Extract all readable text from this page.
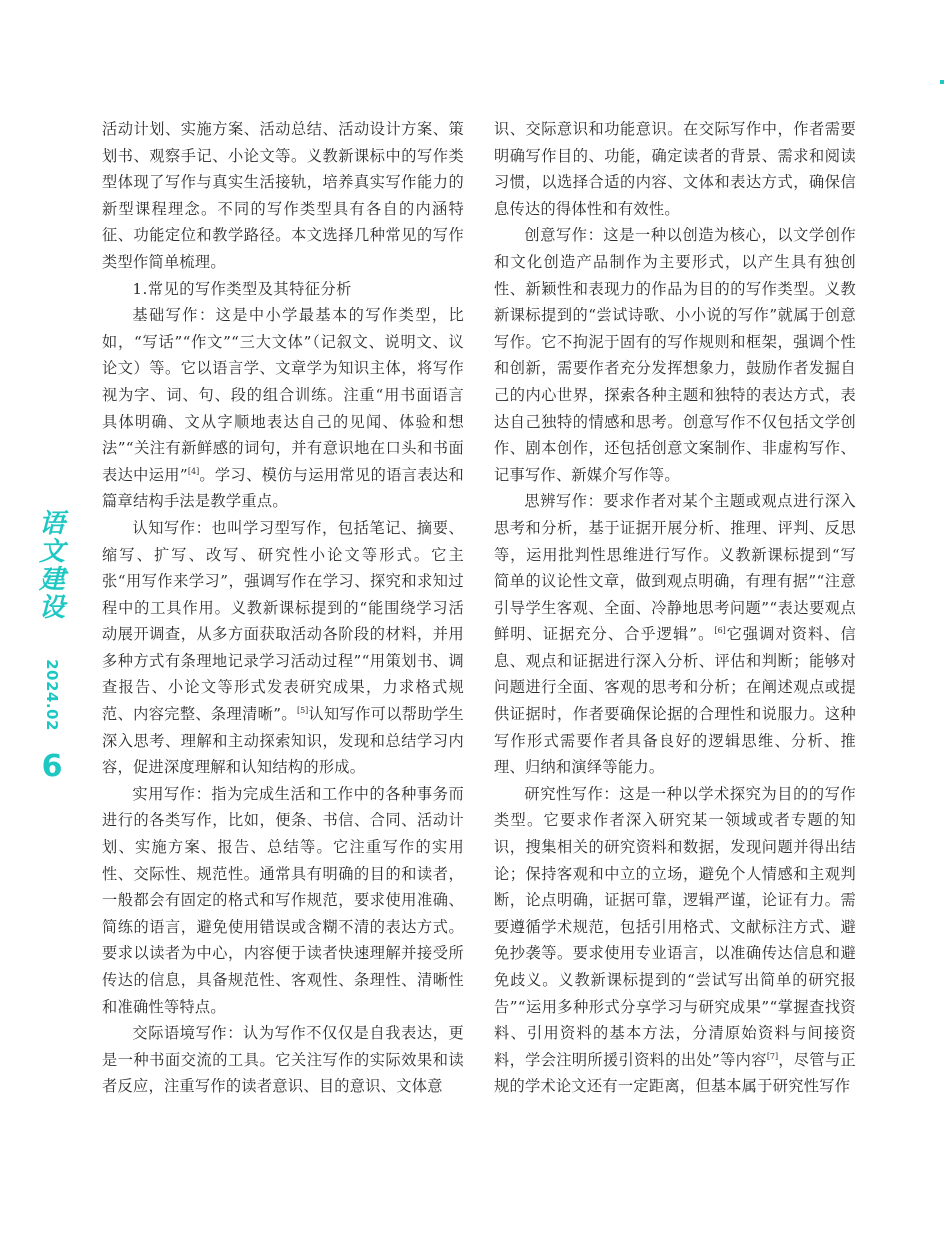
语文建设
2024.02
6

活动计划、实施方案、活动总结、活动设计方案、策划书、观察手记、小论文等。义教新课标中的写作类型体现了写作与真实生活接轨，培养真实写作能力的新型课程理念。不同的写作类型具有各自的内涵特征、功能定位和教学路径。本文选择几种常见的写作类型作简单梳理。

1.常见的写作类型及其特征分析

基础写作：这是中小学最基本的写作类型，比如，“写话”“作文”“三大文体”（记叙文、说明文、议论文）等。它以语言学、文章学为知识主体，将写作视为字、词、句、段的组合训练。注重“用书面语言具体明确、文从字顺地表达自己的见闻、体验和想法”“关注有新鲜感的词句，并有意识地在口头和书面表达中运用”[4]。学习、模仿与运用常见的语言表达和篇章结构手法是教学重点。

认知写作：也叫学习型写作，包括笔记、摘要、缩写、扩写、改写、研究性小论文等形式。它主张“用写作来学习”，强调写作在学习、探究和求知过程中的工具作用。义教新课标提到的“能围绕学习活动展开调查，从多方面获取活动各阶段的材料，并用多种方式有条理地记录学习活动过程”“用策划书、调查报告、小论文等形式发表研究成果，力求格式规范、内容完整、条理清晰”。[5]认知写作可以帮助学生深入思考、理解和主动探索知识，发现和总结学习内容，促进深度理解和认知结构的形成。

实用写作：指为完成生活和工作中的各种事务而进行的各类写作，比如，便条、书信、合同、活动计划、实施方案、报告、总结等。它注重写作的实用性、交际性、规范性。通常具有明确的目的和读者，一般都会有固定的格式和写作规范，要求使用准确、简练的语言，避免使用错误或含糊不清的表达方式。要求以读者为中心，内容便于读者快速理解并接受所传达的信息，具备规范性、客观性、条理性、清晰性和准确性等特点。

交际语境写作：认为写作不仅仅是自我表达，更是一种书面交流的工具。它关注写作的实际效果和读者反应，注重写作的读者意识、目的意识、文体意

识、交际意识和功能意识。在交际写作中，作者需要明确写作目的、功能，确定读者的背景、需求和阅读习惯，以选择合适的内容、文体和表达方式，确保信息传达的得体性和有效性。

创意写作：这是一种以创造为核心，以文学创作和文化创造产品制作为主要形式，以产生具有独创性、新颖性和表现力的作品为目的的写作类型。义教新课标提到的“尝试诗歌、小小说的写作”就属于创意写作。它不拘泥于固有的写作规则和框架，强调个性和创新，需要作者充分发挥想象力，鼓励作者发掘自己的内心世界，探索各种主题和独特的表达方式，表达自己独特的情感和思考。创意写作不仅包括文学创作、剧本创作，还包括创意文案制作、非虚构写作、记事写作、新媒介写作等。

思辨写作：要求作者对某个主题或观点进行深入思考和分析，基于证据开展分析、推理、评判、反思等，运用批判性思维进行写作。义教新课标提到“写简单的议论性文章，做到观点明确，有理有据”“注意引导学生客观、全面、冷静地思考问题”“表达要观点鲜明、证据充分、合乎逻辑”。[6]它强调对资料、信息、观点和证据进行深入分析、评估和判断；能够对问题进行全面、客观的思考和分析；在阐述观点或提供证据时，作者要确保论据的合理性和说服力。这种写作形式需要作者具备良好的逻辑思维、分析、推理、归纳和演绎等能力。

研究性写作：这是一种以学术探究为目的的写作类型。它要求作者深入研究某一领域或者专题的知识，搜集相关的研究资料和数据，发现问题并得出结论；保持客观和中立的立场，避免个人情感和主观判断，论点明确，证据可靠，逻辑严谨，论证有力。需要遵循学术规范，包括引用格式、文献标注方式、避免抄袭等。要求使用专业语言，以准确传达信息和避免歧义。义教新课标提到的“尝试写出简单的研究报告”“运用多种形式分享学习与研究成果”“掌握查找资料、引用资料的基本方法，分清原始资料与间接资料，学会注明所援引资料的出处”等内容[7]，尽管与正规的学术论文还有一定距离，但基本属于研究性写作
